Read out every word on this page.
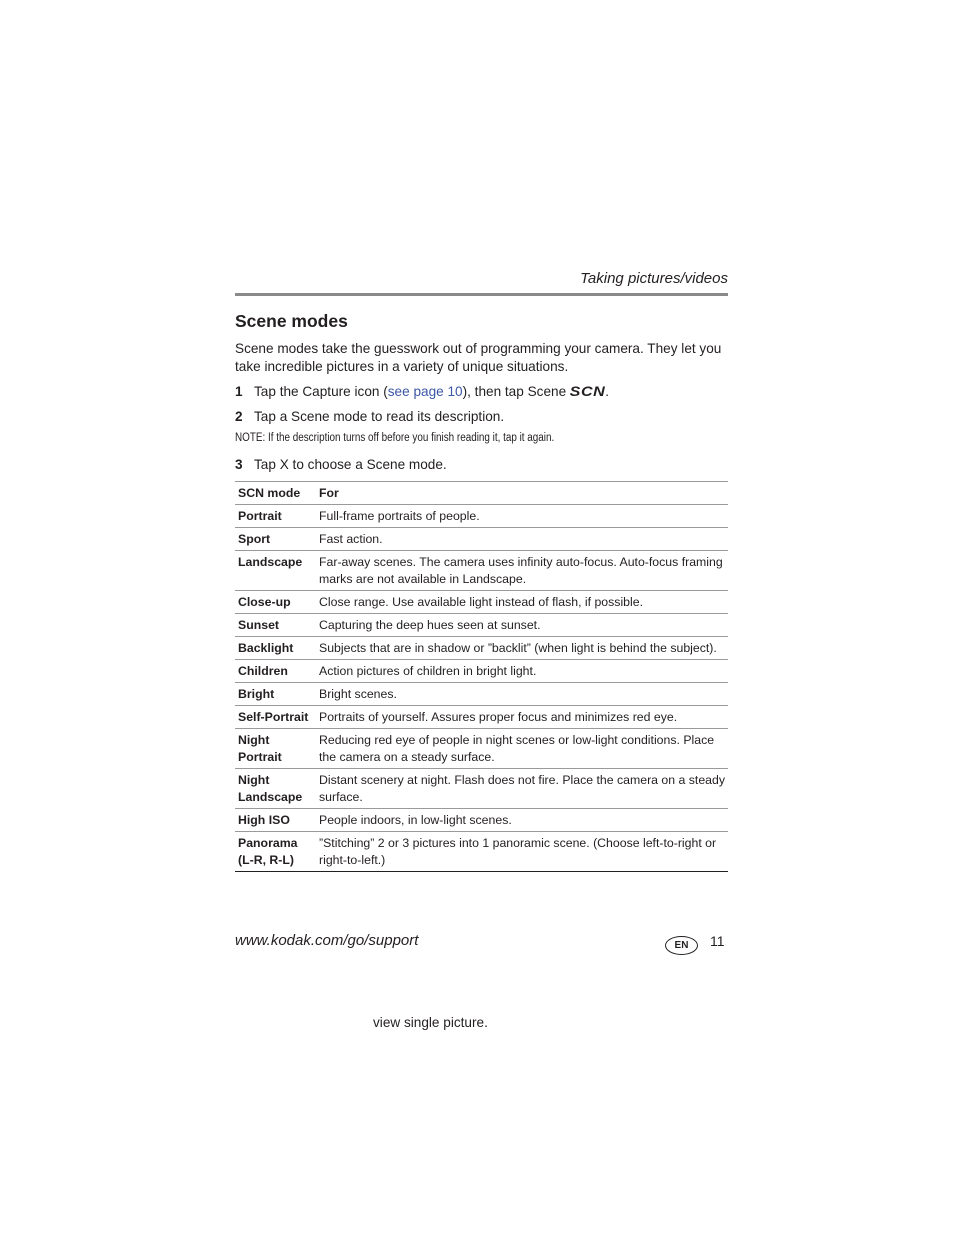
Taking pictures/videos
Scene modes
Scene modes take the guesswork out of programming your camera. They let you take incredible pictures in a variety of unique situations.
1 Tap the Capture icon (see page 10), then tap Scene SCN.
2 Tap a Scene mode to read its description.
NOTE: If the description turns off before you finish reading it, tap it again.
3 Tap X to choose a Scene mode.
SCN mode	For
Portrait	Full-frame portraits of people.
Sport	Fast action.
Landscape	Far-away scenes. The camera uses infinity auto-focus. Auto-focus framing marks are not available in Landscape.
Close-up	Close range. Use available light instead of flash, if possible.
Sunset	Capturing the deep hues seen at sunset.
Backlight	Subjects that are in shadow or ”backlit” (when light is behind the subject).
Children	Action pictures of children in bright light.
Bright	Bright scenes.
Self-Portrait	Portraits of yourself. Assures proper focus and minimizes red eye.
Night Portrait	Reducing red eye of people in night scenes or low-light conditions. Place the camera on a steady surface.
Night Landscape	Distant scenery at night. Flash does not fire. Place the camera on a steady surface.
High ISO	People indoors, in low-light scenes.
Panorama (L-R, R-L)	”Stitching” 2 or 3 pictures into 1 panoramic scene. (Choose left-to-right or right-to-left.)
www.kodak.com/go/support	EN	11
view single picture.
